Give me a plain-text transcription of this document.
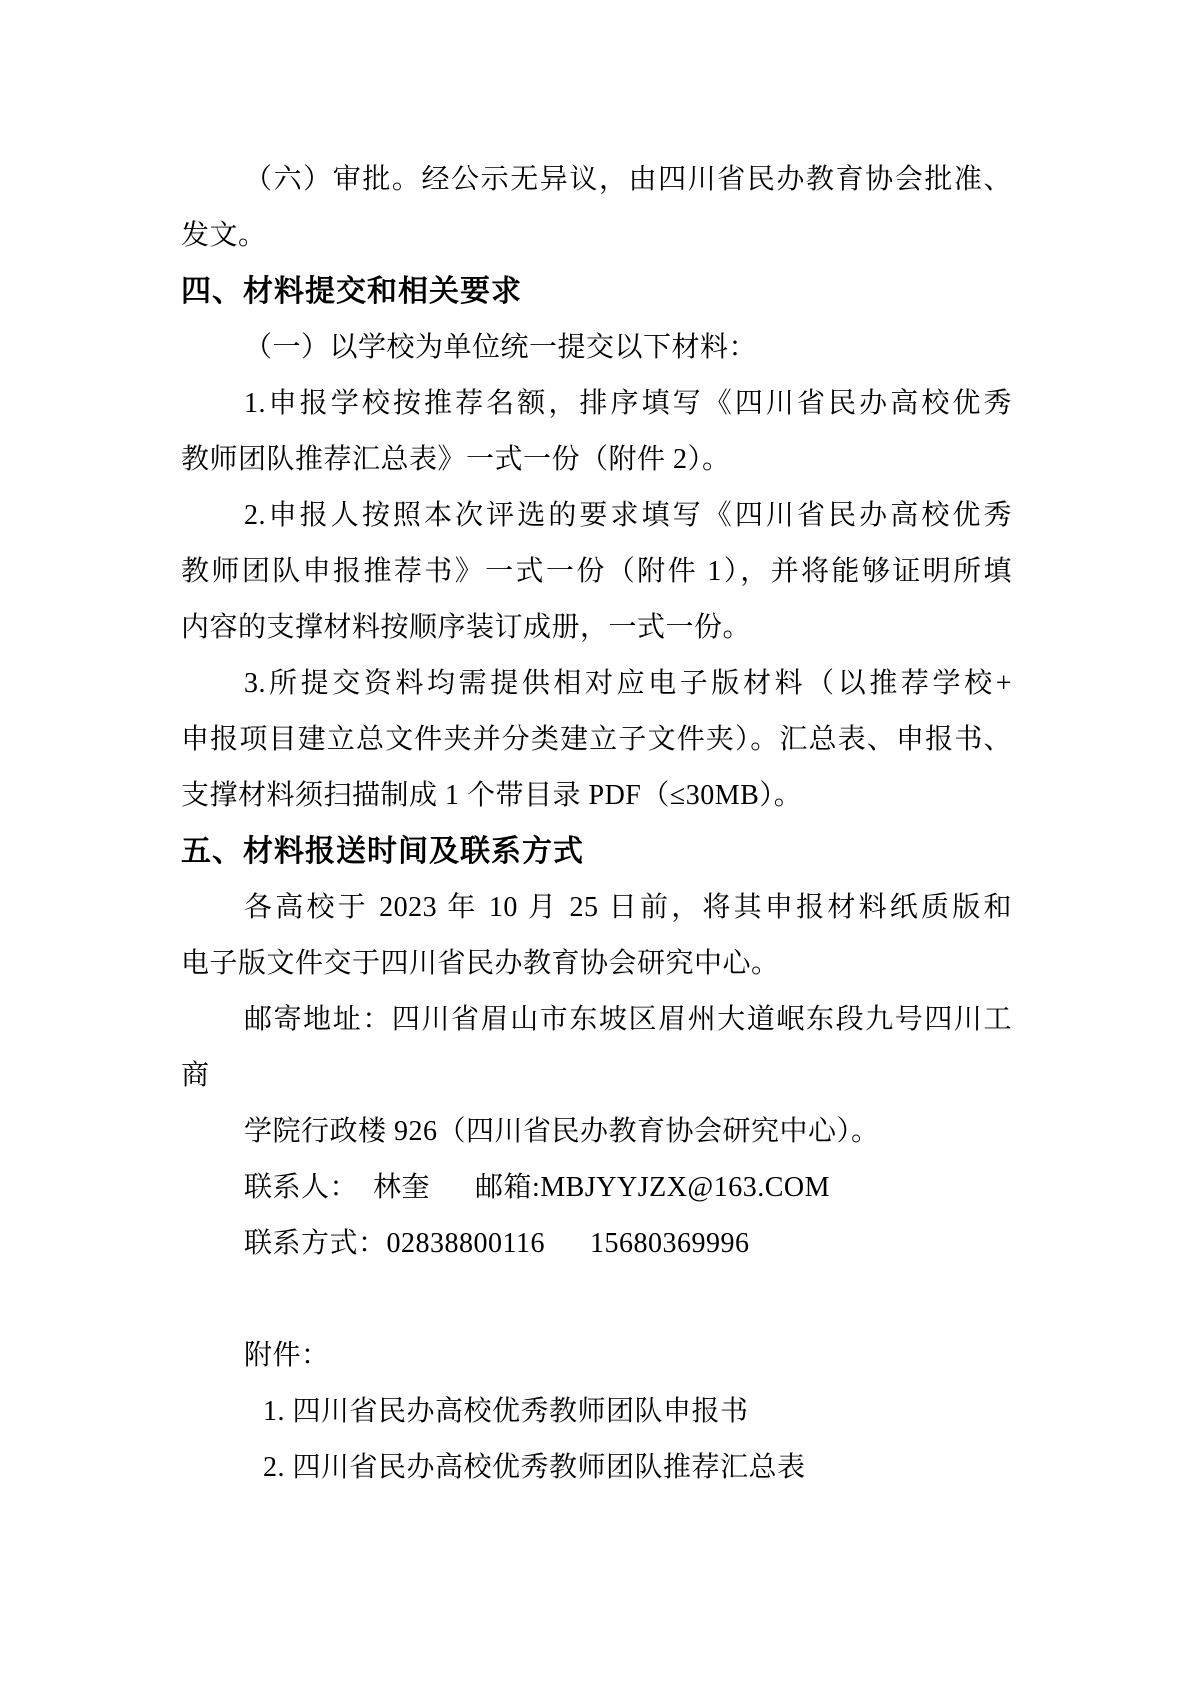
（六）审批。经公示无异议，由四川省民办教育协会批准、
发文。
四、材料提交和相关要求
（一）以学校为单位统一提交以下材料：
1.申报学校按推荐名额，排序填写《四川省民办高校优秀
教师团队推荐汇总表》一式一份（附件 2）。
2.申报人按照本次评选的要求填写《四川省民办高校优秀
教师团队申报推荐书》一式一份（附件 1），并将能够证明所填
内容的支撑材料按顺序装订成册，一式一份。
3.所提交资料均需提供相对应电子版材料（以推荐学校+
申报项目建立总文件夹并分类建立子文件夹）。汇总表、申报书、
支撑材料须扫描制成 1 个带目录 PDF（≤30MB）。
五、材料报送时间及联系方式
各高校于 2023 年 10 月 25 日前，将其申报材料纸质版和
电子版文件交于四川省民办教育协会研究中心。
邮寄地址：四川省眉山市东坡区眉州大道岷东段九号四川工
商
学院行政楼 926（四川省民办教育协会研究中心）。
联系人：  林奎      邮箱:MBJYYJZX@163.COM
联系方式：02838800116      15680369996
附件：
1. 四川省民办高校优秀教师团队申报书
2. 四川省民办高校优秀教师团队推荐汇总表
